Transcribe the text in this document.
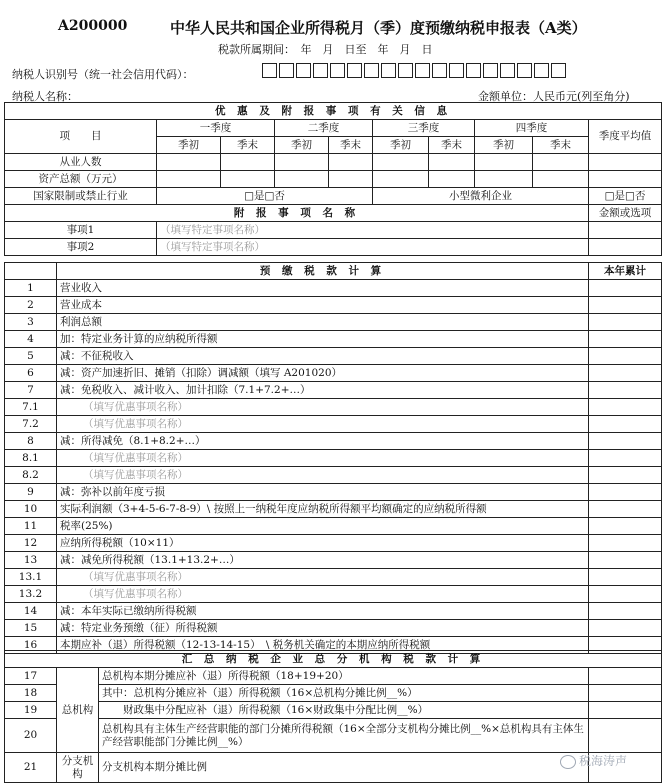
A200000	中华人民共和国企业所得税月（季）度预缴纳税申报表（A类）
税款所属期间：　年　月　日至　年　月　日
纳税人识别号（统一社会信用代码）：
纳税人名称：	金额单位：人民币元(列至角分)
优 惠 及 附 报 事 项 有 关 信 息									
项　　目	一季度		二季度		三季度		四季度		季度平均值
	季初	季末	季初	季末	季初	季末	季初	季末	
从业人数									
资产总额（万元）									
国家限制或禁止行业	□是□否				小型微利企业				□是□否
附 报 事 项 名 称									金额或选项
事项1	（填写特定事项名称）								
事项2	（填写特定事项名称）								
	预 缴 税 款 计 算	本年累计
1	营业收入	
2	营业成本	
3	利润总额	
4	加：特定业务计算的应纳税所得额	
5	减：不征税收入	
6	减：资产加速折旧、摊销（扣除）调减额（填写 A201020）	
7	减：免税收入、减计收入、加计扣除（7.1+7.2+…）	
7.1	（填写优惠事项名称）	
7.2	（填写优惠事项名称）	
8	减：所得减免（8.1+8.2+…）	
8.1	（填写优惠事项名称）	
8.2	（填写优惠事项名称）	
9	减：弥补以前年度亏损	
10	实际利润额（3+4-5-6-7-8-9）\ 按照上一纳税年度应纳税所得额平均额确定的应纳税所得额	
11	税率(25%)	
12	应纳所得税额（10×11）	
13	减：减免所得税额（13.1+13.2+…）	
13.1	（填写优惠事项名称）	
13.2	（填写优惠事项名称）	
14	减：本年实际已缴纳所得税额	
15	减：特定业务预缴（征）所得税额	
16	本期应补（退）所得税额（12-13-14-15）　\ 税务机关确定的本期应纳所得税额	
汇 总 纳 税 企 业 总 分 机 构 税 款 计 算			
17	总机构	总机构本期分摊应补（退）所得税额（18+19+20）	
18		其中：总机构分摊应补（退）所得税额（16×总机构分摊比例__%）	
19		　　财政集中分配应补（退）所得税额（16×财政集中分配比例__%）	
20		总机构具有主体生产经营职能的部门分摊所得税额（16×全部分支机构分摊比例__%×总机构具有主体生产经营职能部门分摊比例__%）	
21	分支机构	分支机构本期分摊比例		税海涛声
